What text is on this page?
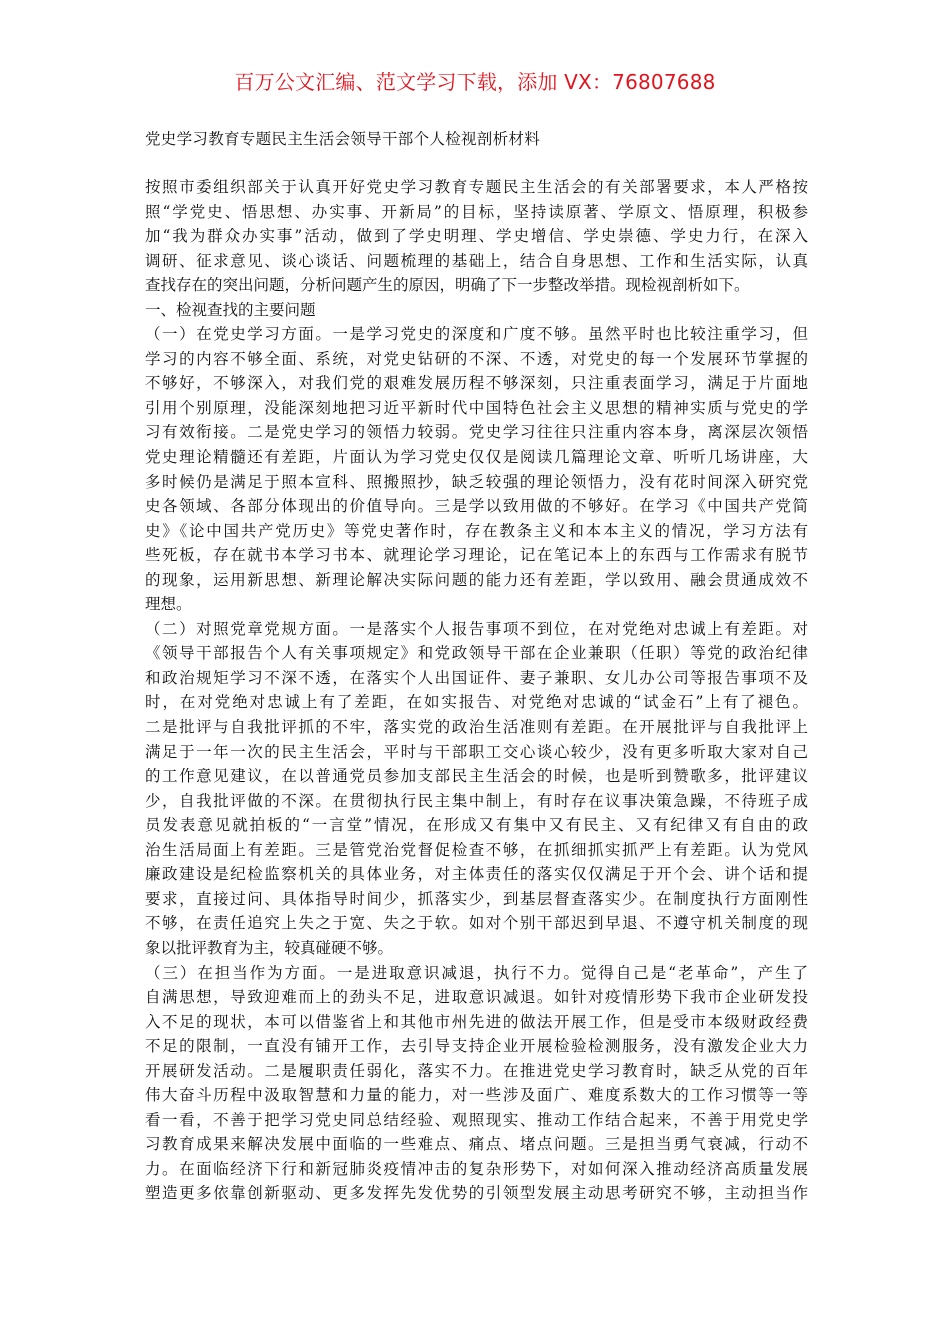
百万公文汇编、范文学习下载，添加 VX：76807688
党史学习教育专题民主生活会领导干部个人检视剖析材料
按照市委组织部关于认真开好党史学习教育专题民主生活会的有关部署要求，本人严格按
照“学党史、悟思想、办实事、开新局”的目标，坚持读原著、学原文、悟原理，积极参
加“我为群众办实事”活动，做到了学史明理、学史增信、学史崇德、学史力行，在深入
调研、征求意见、谈心谈话、问题梳理的基础上，结合自身思想、工作和生活实际，认真
查找存在的突出问题，分析问题产生的原因，明确了下一步整改举措。现检视剖析如下。
一、检视查找的主要问题
（一）在党史学习方面。一是学习党史的深度和广度不够。虽然平时也比较注重学习，但
学习的内容不够全面、系统，对党史钻研的不深、不透，对党史的每一个发展环节掌握的
不够好，不够深入，对我们党的艰难发展历程不够深刻，只注重表面学习，满足于片面地
引用个别原理，没能深刻地把习近平新时代中国特色社会主义思想的精神实质与党史的学
习有效衔接。二是党史学习的领悟力较弱。党史学习往往只注重内容本身，离深层次领悟
党史理论精髓还有差距，片面认为学习党史仅仅是阅读几篇理论文章、听听几场讲座，大
多时候仍是满足于照本宣科、照搬照抄，缺乏较强的理论领悟力，没有花时间深入研究党
史各领域、各部分体现出的价值导向。三是学以致用做的不够好。在学习《中国共产党简
史》《论中国共产党历史》等党史著作时，存在教条主义和本本主义的情况，学习方法有
些死板，存在就书本学习书本、就理论学习理论，记在笔记本上的东西与工作需求有脱节
的现象，运用新思想、新理论解决实际问题的能力还有差距，学以致用、融会贯通成效不
理想。
（二）对照党章党规方面。一是落实个人报告事项不到位，在对党绝对忠诚上有差距。对
《领导干部报告个人有关事项规定》和党政领导干部在企业兼职（任职）等党的政治纪律
和政治规矩学习不深不透，在落实个人出国证件、妻子兼职、女儿办公司等报告事项不及
时，在对党绝对忠诚上有了差距，在如实报告、对党绝对忠诚的“试金石”上有了褪色。
二是批评与自我批评抓的不牢，落实党的政治生活准则有差距。在开展批评与自我批评上
满足于一年一次的民主生活会，平时与干部职工交心谈心较少，没有更多听取大家对自己
的工作意见建议，在以普通党员参加支部民主生活会的时候，也是听到赞歌多，批评建议
少，自我批评做的不深。在贯彻执行民主集中制上，有时存在议事决策急躁，不待班子成
员发表意见就拍板的“一言堂”情况，在形成又有集中又有民主、又有纪律又有自由的政
治生活局面上有差距。三是管党治党督促检查不够，在抓细抓实抓严上有差距。认为党风
廉政建设是纪检监察机关的具体业务，对主体责任的落实仅仅满足于开个会、讲个话和提
要求，直接过问、具体指导时间少，抓落实少，到基层督查落实少。在制度执行方面刚性
不够，在责任追究上失之于宽、失之于软。如对个别干部迟到早退、不遵守机关制度的现
象以批评教育为主，较真碰硬不够。
（三）在担当作为方面。一是进取意识减退，执行不力。觉得自己是“老革命”，产生了
自满思想，导致迎难而上的劲头不足，进取意识减退。如针对疫情形势下我市企业研发投
入不足的现状，本可以借鉴省上和其他市州先进的做法开展工作，但是受市本级财政经费
不足的限制，一直没有铺开工作，去引导支持企业开展检验检测服务，没有激发企业大力
开展研发活动。二是履职责任弱化，落实不力。在推进党史学习教育时，缺乏从党的百年
伟大奋斗历程中汲取智慧和力量的能力，对一些涉及面广、难度系数大的工作习惯等一等
看一看，不善于把学习党史同总结经验、观照现实、推动工作结合起来，不善于用党史学
习教育成果来解决发展中面临的一些难点、痛点、堵点问题。三是担当勇气衰减，行动不
力。在面临经济下行和新冠肺炎疫情冲击的复杂形势下，对如何深入推动经济高质量发展
塑造更多依靠创新驱动、更多发挥先发优势的引领型发展主动思考研究不够，主动担当作
